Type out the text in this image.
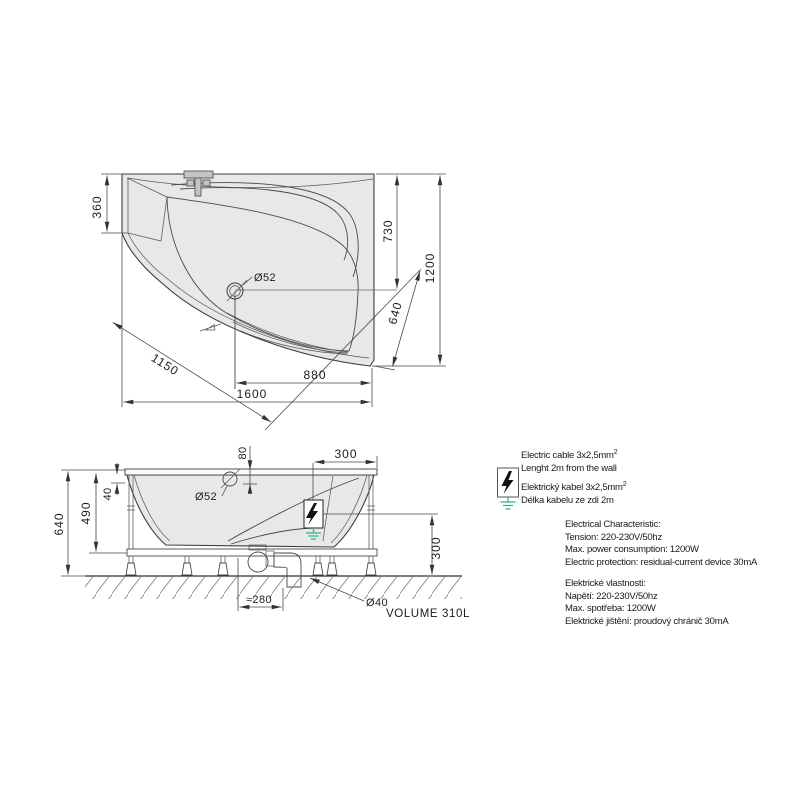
360
730
1200
640
1150	880
1600
Ø52
640 490
40
80	300
300
Ø52
≈280	Ø40
VOLUME 310L
Electric cable $3x2,5mm^2$
Lenght 2m from the wall
Elektrický kabel $3x2,5mm^2$
Délka kabelu ze zdi 2m
Electrical Characteristic:
Tension: 220-230V/50hz
Max. power consumption: 1200W
Electric protection: residual-current device 30mA
Elektrické vlastnosti:
Napětí: 220-230V/50hz
Max. spotřeba: 1200W
Elektrické jištění: proudový chránič 30mA
